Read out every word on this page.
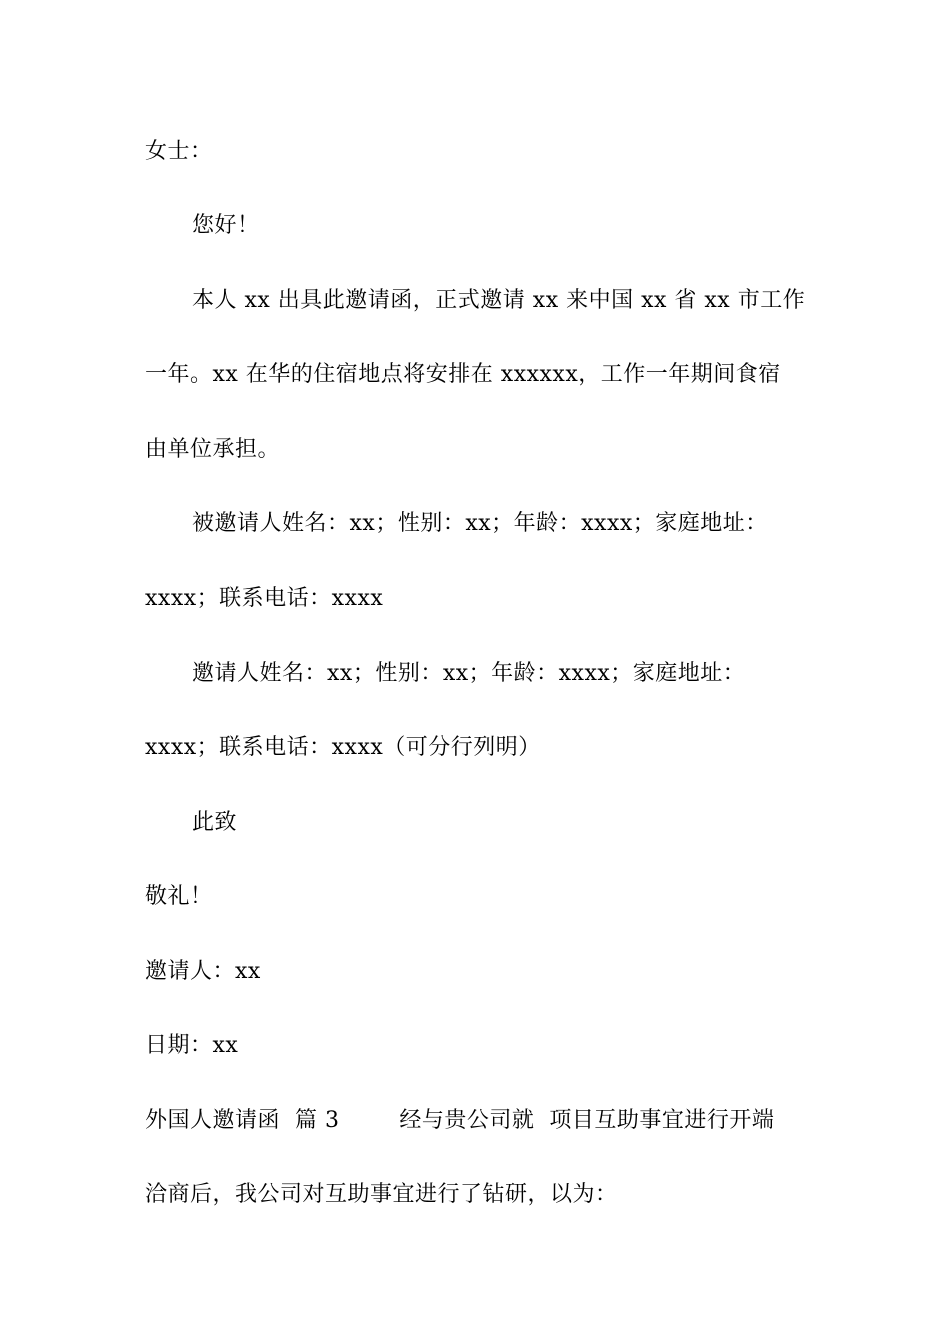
女士：
您好！
本人 xx 出具此邀请函，正式邀请 xx 来中国 xx 省 xx 市工作
一年。xx 在华的住宿地点将安排在 xxxxxx，工作一年期间食宿
由单位承担。
被邀请人姓名：xx；性别：xx；年龄：xxxx；家庭地址：
xxxx；联系电话：xxxx
邀请人姓名：xx；性别：xx；年龄：xxxx；家庭地址：
xxxx；联系电话：xxxx（可分行列明）
此致
敬礼！
邀请人：xx
日期：xx
外国人邀请函  篇 3        经与贵公司就  项目互助事宜进行开端
洽商后，我公司对互助事宜进行了钻研，以为：
